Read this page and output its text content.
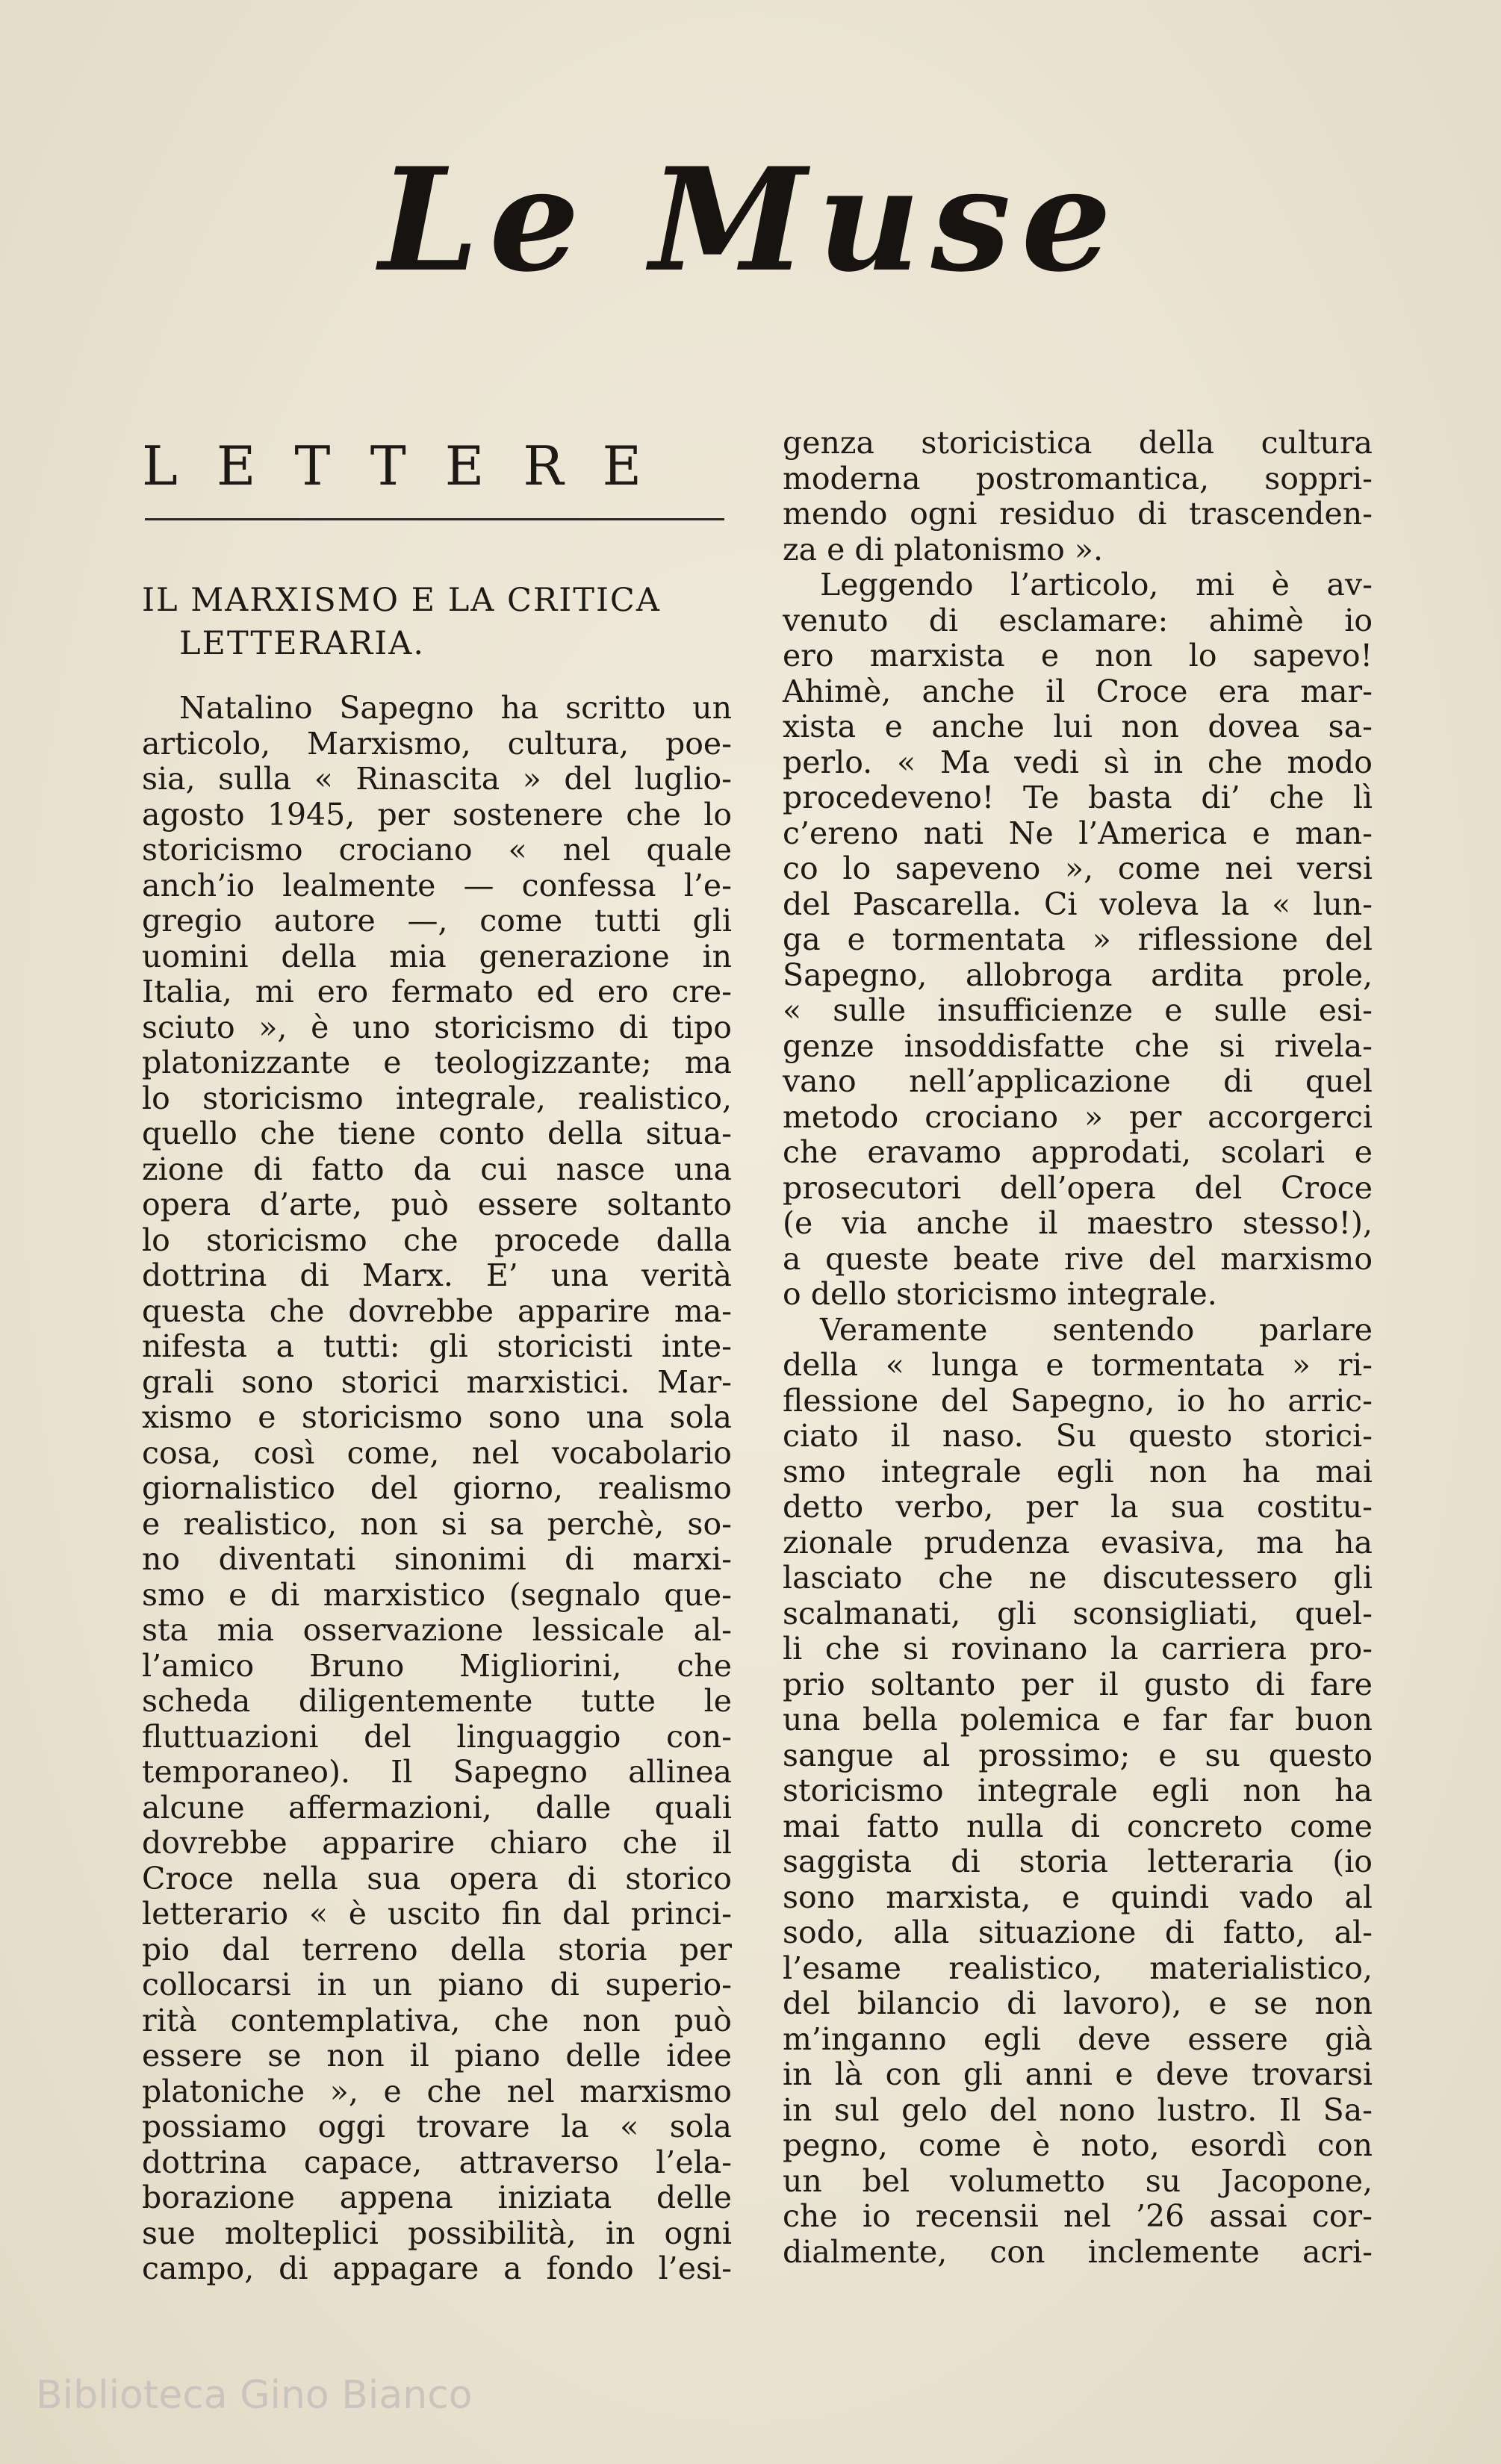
Le Muse
LETTERE
IL MARXISMO E LA CRITICA
LETTERARIA.
Natalino Sapegno ha scritto un
articolo, Marxismo, cultura, poe-
sia, sulla « Rinascita » del luglio-
agosto 1945, per sostenere che lo
storicismo crociano « nel quale
anch’io lealmente — confessa l’e-
gregio autore —, come tutti gli
uomini della mia generazione in
Italia, mi ero fermato ed ero cre-
sciuto », è uno storicismo di tipo
platonizzante e teologizzante; ma
lo storicismo integrale, realistico,
quello che tiene conto della situa-
zione di fatto da cui nasce una
opera d’arte, può essere soltanto
lo storicismo che procede dalla
dottrina di Marx. E’ una verità
questa che dovrebbe apparire ma-
nifesta a tutti: gli storicisti inte-
grali sono storici marxistici. Mar-
xismo e storicismo sono una sola
cosa, così come, nel vocabolario
giornalistico del giorno, realismo
e realistico, non si sa perchè, so-
no diventati sinonimi di marxi-
smo e di marxistico (segnalo que-
sta mia osservazione lessicale al-
l’amico Bruno Migliorini, che
scheda diligentemente tutte le
fluttuazioni del linguaggio con-
temporaneo). Il Sapegno allinea
alcune affermazioni, dalle quali
dovrebbe apparire chiaro che il
Croce nella sua opera di storico
letterario « è uscito fin dal princi-
pio dal terreno della storia per
collocarsi in un piano di superio-
rità contemplativa, che non può
essere se non il piano delle idee
platoniche », e che nel marxismo
possiamo oggi trovare la « sola
dottrina capace, attraverso l’ela-
borazione appena iniziata delle
sue molteplici possibilità, in ogni
campo, di appagare a fondo l’esi-
genza storicistica della cultura
moderna postromantica, soppri-
mendo ogni residuo di trascenden-
za e di platonismo ».
Leggendo l’articolo, mi è av-
venuto di esclamare: ahimè io
ero marxista e non lo sapevo!
Ahimè, anche il Croce era mar-
xista e anche lui non dovea sa-
perlo. « Ma vedi sì in che modo
procedeveno! Te basta di’ che lì
c’ereno nati Ne l’America e man-
co lo sapeveno », come nei versi
del Pascarella. Ci voleva la « lun-
ga e tormentata » riflessione del
Sapegno, allobroga ardita prole,
« sulle insufficienze e sulle esi-
genze insoddisfatte che si rivela-
vano nell’applicazione di quel
metodo crociano » per accorgerci
che eravamo approdati, scolari e
prosecutori dell’opera del Croce
(e via anche il maestro stesso!),
a queste beate rive del marxismo
o dello storicismo integrale.
Veramente sentendo parlare
della « lunga e tormentata » ri-
flessione del Sapegno, io ho arric-
ciato il naso. Su questo storici-
smo integrale egli non ha mai
detto verbo, per la sua costitu-
zionale prudenza evasiva, ma ha
lasciato che ne discutessero gli
scalmanati, gli sconsigliati, quel-
li che si rovinano la carriera pro-
prio soltanto per il gusto di fare
una bella polemica e far far buon
sangue al prossimo; e su questo
storicismo integrale egli non ha
mai fatto nulla di concreto come
saggista di storia letteraria (io
sono marxista, e quindi vado al
sodo, alla situazione di fatto, al-
l’esame realistico, materialistico,
del bilancio di lavoro), e se non
m’inganno egli deve essere già
in là con gli anni e deve trovarsi
in sul gelo del nono lustro. Il Sa-
pegno, come è noto, esordì con
un bel volumetto su Jacopone,
che io recensii nel ’26 assai cor-
dialmente, con inclemente acri-
Biblioteca Gino Bianco
